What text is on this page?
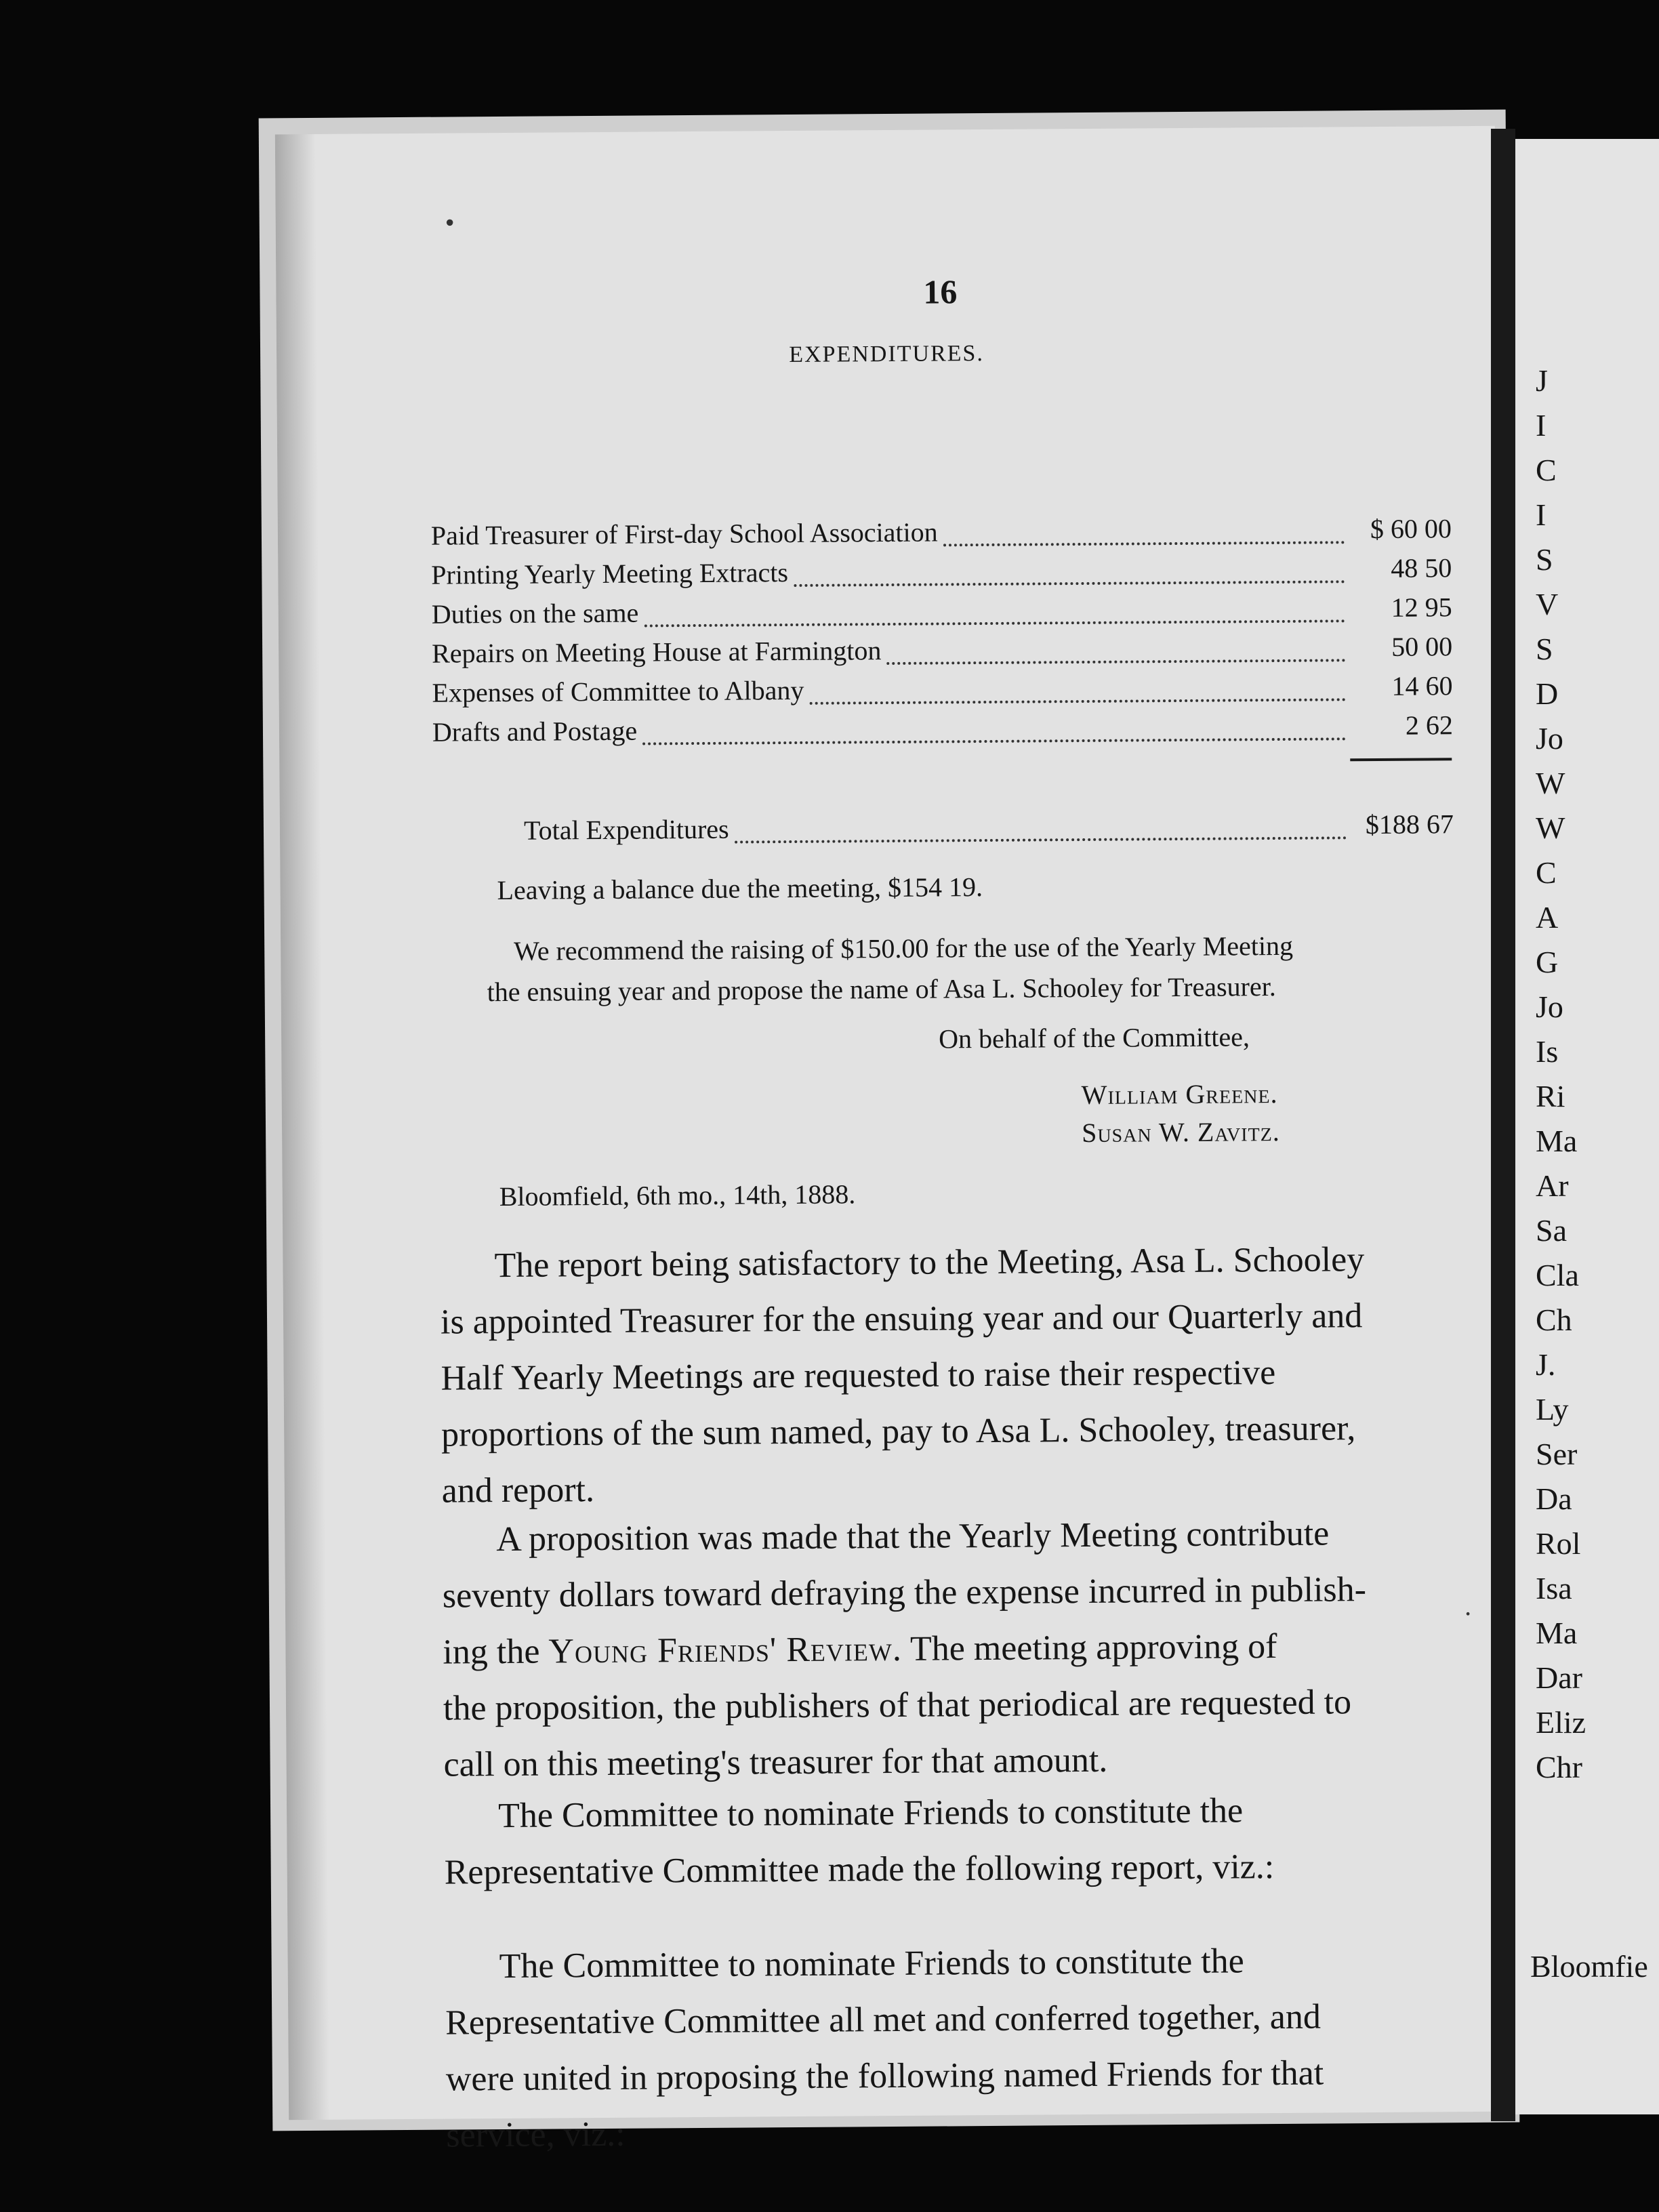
16
EXPENDITURES.
Paid Treasurer of First-day School Association	$ 60 00
Printing Yearly Meeting Extracts	48 50
Duties on the same	12 95
Repairs on Meeting House at Farmington	50 00
Expenses of Committee to Albany	14 60
Drafts and Postage	2 62
Total Expenditures	$188 67
Leaving a balance due the meeting, $154 19.
We recommend the raising of $150.00 for the use of the Yearly Meeting
the ensuing year and propose the name of Asa L. Schooley for Treasurer.
On behalf of the Committee,
William Greene.
Susan W. Zavitz.
Bloomfield, 6th mo., 14th, 1888.
The report being satisfactory to the Meeting, Asa L. Schooley
is appointed Treasurer for the ensuing year and our Quarterly and
Half Yearly Meetings are requested to raise their respective
proportions of the sum named, pay to Asa L. Schooley, treasurer,
and report.
A proposition was made that the Yearly Meeting contribute
seventy dollars toward defraying the expense incurred in publish-
ing the Young Friends' Review. The meeting approving of
the proposition, the publishers of that periodical are requested to
call on this meeting's treasurer for that amount.
The Committee to nominate Friends to constitute the
Representative Committee made the following report, viz.:
The Committee to nominate Friends to constitute the
Representative Committee all met and conferred together, and
were united in proposing the following named Friends for that
service, viz.:
•
.
J
I
C
I
S
V
S
D
Jo
W
W
C
A
G
Jo
Is
Ri
Ma
Ar
Sa
Cla
Ch
J.
Ly
Ser
Da
Rol
Isa
Ma
Dar
Eliz
Chr
Bloomfie
